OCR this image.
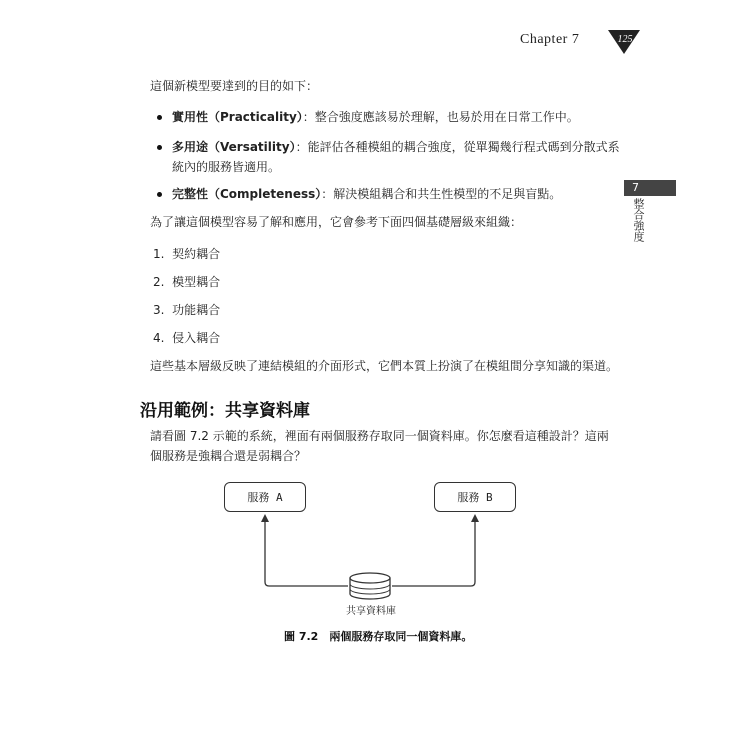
Chapter 7	125
7
整合強度
這個新模型要達到的目的如下：
實用性（Practicality）：整合強度應該易於理解，也易於用在日常工作中。
多用途（Versatility）：能評估各種模組的耦合強度，從單獨幾行程式碼到分散式系
統內的服務皆適用。
完整性（Completeness）：解決模組耦合和共生性模型的不足與盲點。
為了讓這個模型容易了解和應用，它會參考下面四個基礎層級來組織：
1. 契約耦合
2. 模型耦合
3. 功能耦合
4. 侵入耦合
這些基本層級反映了連結模組的介面形式，它們本質上扮演了在模組間分享知識的渠道。
沿用範例：共享資料庫
請看圖 7.2 示範的系統，裡面有兩個服務存取同一個資料庫。你怎麼看這種設計？這兩
個服務是強耦合還是弱耦合？
服務 A	服務 B
共享資料庫
圖 7.2　兩個服務存取同一個資料庫。
